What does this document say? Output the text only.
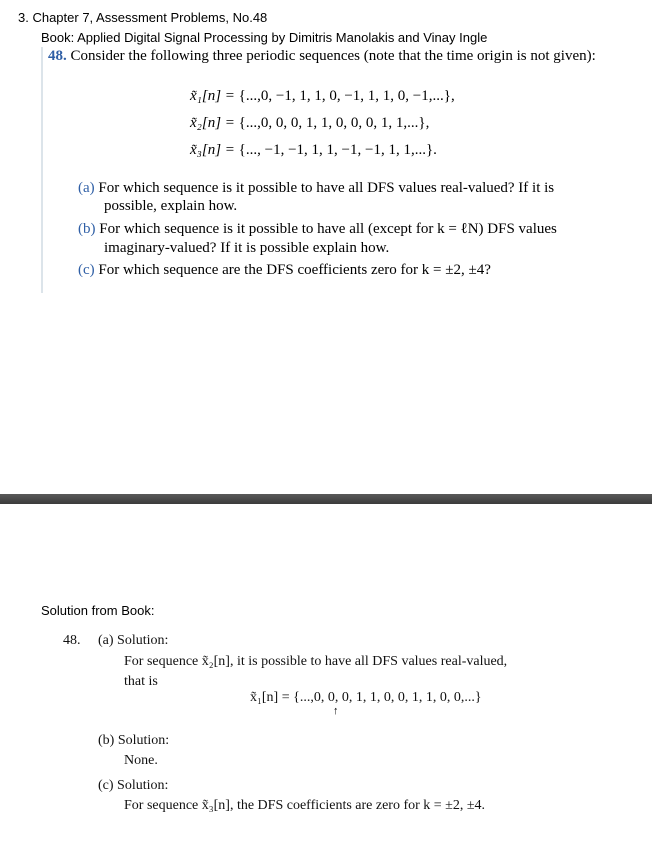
3. Chapter 7, Assessment Problems, No.48
Book: Applied Digital Signal Processing by Dimitris Manolakis and Vinay Ingle
48. Consider the following three periodic sequences (note that the time origin is not given):
x̃₁[n] = {...,0, −1, 1, 1, 0, −1, 1, 1, 0, −1,...},
x̃₂[n] = {...,0, 0, 0, 1, 1, 0, 0, 0, 1, 1,...},
x̃₃[n] = {..., −1, −1, 1, 1, −1, −1, 1, 1,...}.
(a) For which sequence is it possible to have all DFS values real-valued? If it is
possible, explain how.
(b) For which sequence is it possible to have all (except for k = ℓN) DFS values
imaginary-valued? If it is possible explain how.
(c) For which sequence are the DFS coefficients zero for k = ±2, ±4?
Solution from Book:
48. (a) Solution:
For sequence x̃₂[n], it is possible to have all DFS values real-valued,
that is
x̃₁[n] = {...,0, 0, 0, 1, 1, 0, 0, 1, 1, 0, 0,...}
↑
(b) Solution:
None.
(c) Solution:
For sequence x̃₃[n], the DFS coefficients are zero for k = ±2, ±4.
